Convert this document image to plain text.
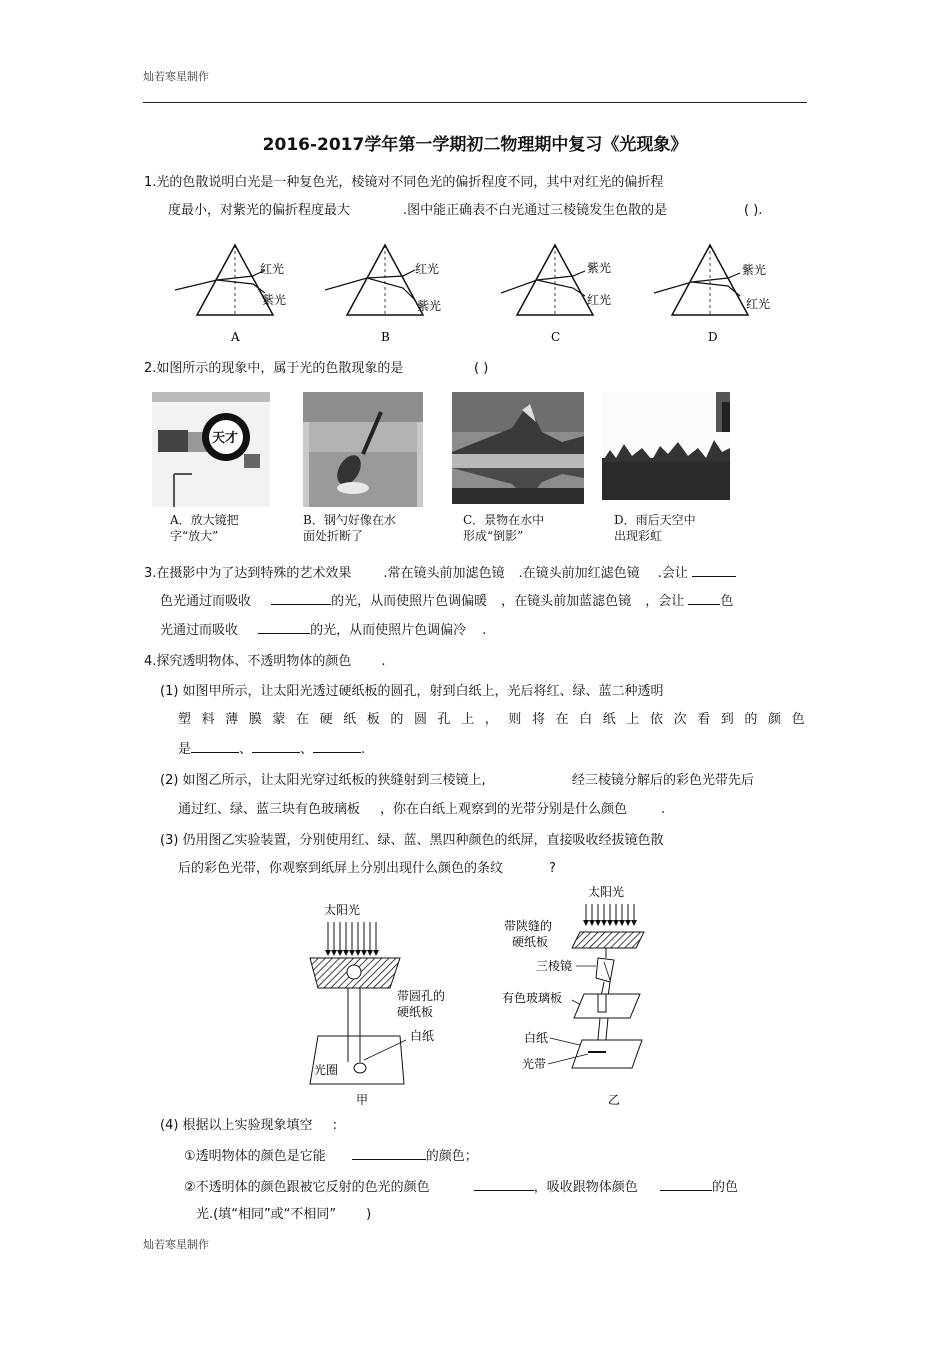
灿若寒星制作
2016-2017学年第一学期初二物理期中复习《光现象》
1.光的色散说明白光是一种复色光，棱镜对不同色光的偏折程度不同，其中对红光的偏折程
度最小，对紫光的偏折程度最大	.图中能正确表不白光通过三棱镜发生色散的是	( ).
红光
紫光
A
红光
紫光
B
紫光
红光
C
紫光
红光
D
2.如图所示的现象中，属于光的色散现象的是	( )
天才
A．放大镜把
字“放大”
B．钢勺好像在水
面处折断了
C．景物在水中
形成“倒影”
D．雨后天空中
出现彩虹
3.在摄影中为了达到特殊的艺术效果 .常在镜头前加滤色镜 .在镜头前加红滤色镜 .会让
色光通过而吸收	的光，从而使照片色调偏暖 ，在镜头前加蓝滤色镜 ，会让	色
光通过而吸收	的光，从而使照片色调偏冷 .
4.探究透明物体、不透明物体的颜色 .
(1) 如图甲所示，让太阳光透过硬纸板的圆孔，射到白纸上，光后将红、绿、蓝二种透明
塑料薄膜蒙在硬纸板的圆孔上，则将在白纸上依次看到的颜色
是	、	、	.
(2) 如图乙所示，让太阳光穿过纸板的狭缝射到三棱镜上,	经三棱镜分解后的彩色光带先后
通过红、绿、蓝三块有色玻璃板 ，你在白纸上观察到的光带分别是什么颜色	.
(3) 仍用图乙实验装置，分别使用红、绿、蓝、黑四种颜色的纸屏，直接吸收经拔镜色散
后的彩色光带，你观察到纸屏上分别出现什么颜色的条纹	?
太阳光
带圆孔的
硬纸板
白纸
光圈
甲
太阳光
带陕缝的
硬纸板
三棱镜
有色玻璃板
白纸
光带
乙
(4) 根据以上实验现象填空 :
①透明物体的颜色是它能	的颜色；
②不透明体的颜色跟被它反射的色光的颜色	，吸收跟物体颜色	的色
光.(填“相同”或“不相同” )
灿若寒星制作
